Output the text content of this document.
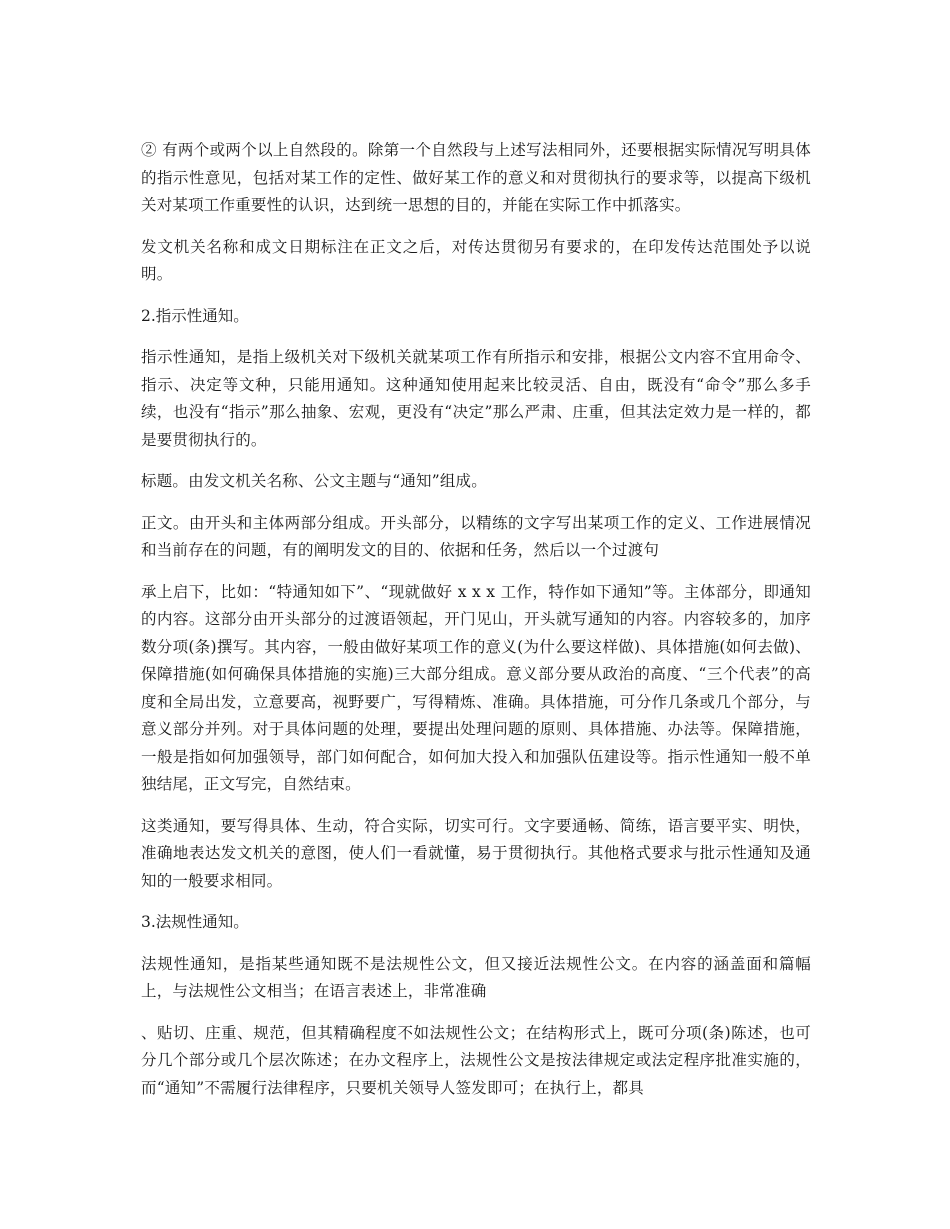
② 有两个或两个以上自然段的。除第一个自然段与上述写法相同外，还要根据实际情况写明具体的指示性意见，包括对某工作的定性、做好某工作的意义和对贯彻执行的要求等，以提高下级机关对某项工作重要性的认识，达到统一思想的目的，并能在实际工作中抓落实。

发文机关名称和成文日期标注在正文之后，对传达贯彻另有要求的，在印发传达范围处予以说明。

2.指示性通知。

指示性通知，是指上级机关对下级机关就某项工作有所指示和安排，根据公文内容不宜用命令、指示、决定等文种，只能用通知。这种通知使用起来比较灵活、自由，既没有“命令”那么多手续，也没有“指示”那么抽象、宏观，更没有“决定”那么严肃、庄重，但其法定效力是一样的，都是要贯彻执行的。

标题。由发文机关名称、公文主题与“通知”组成。

正文。由开头和主体两部分组成。开头部分，以精练的文字写出某项工作的定义、工作进展情况和当前存在的问题，有的阐明发文的目的、依据和任务，然后以一个过渡句

承上启下，比如：“特通知如下”、“现就做好 x x x 工作，特作如下通知”等。主体部分，即通知的内容。这部分由开头部分的过渡语领起，开门见山，开头就写通知的内容。内容较多的，加序数分项(条)撰写。其内容，一般由做好某项工作的意义(为什么要这样做)、具体措施(如何去做)、保障措施(如何确保具体措施的实施)三大部分组成。意义部分要从政治的高度、“三个代表”的高度和全局出发，立意要高，视野要广，写得精炼、准确。具体措施，可分作几条或几个部分，与意义部分并列。对于具体问题的处理，要提出处理问题的原则、具体措施、办法等。保障措施，一般是指如何加强领导，部门如何配合，如何加大投入和加强队伍建设等。指示性通知一般不单独结尾，正文写完，自然结束。

这类通知，要写得具体、生动，符合实际，切实可行。文字要通畅、简练，语言要平实、明快，准确地表达发文机关的意图，使人们一看就懂，易于贯彻执行。其他格式要求与批示性通知及通知的一般要求相同。

3.法规性通知。

法规性通知，是指某些通知既不是法规性公文，但又接近法规性公文。在内容的涵盖面和篇幅上，与法规性公文相当；在语言表述上，非常准确

、贴切、庄重、规范，但其精确程度不如法规性公文；在结构形式上，既可分项(条)陈述，也可分几个部分或几个层次陈述；在办文程序上，法规性公文是按法律规定或法定程序批准实施的，而“通知”不需履行法律程序，只要机关领导人签发即可；在执行上，都具
